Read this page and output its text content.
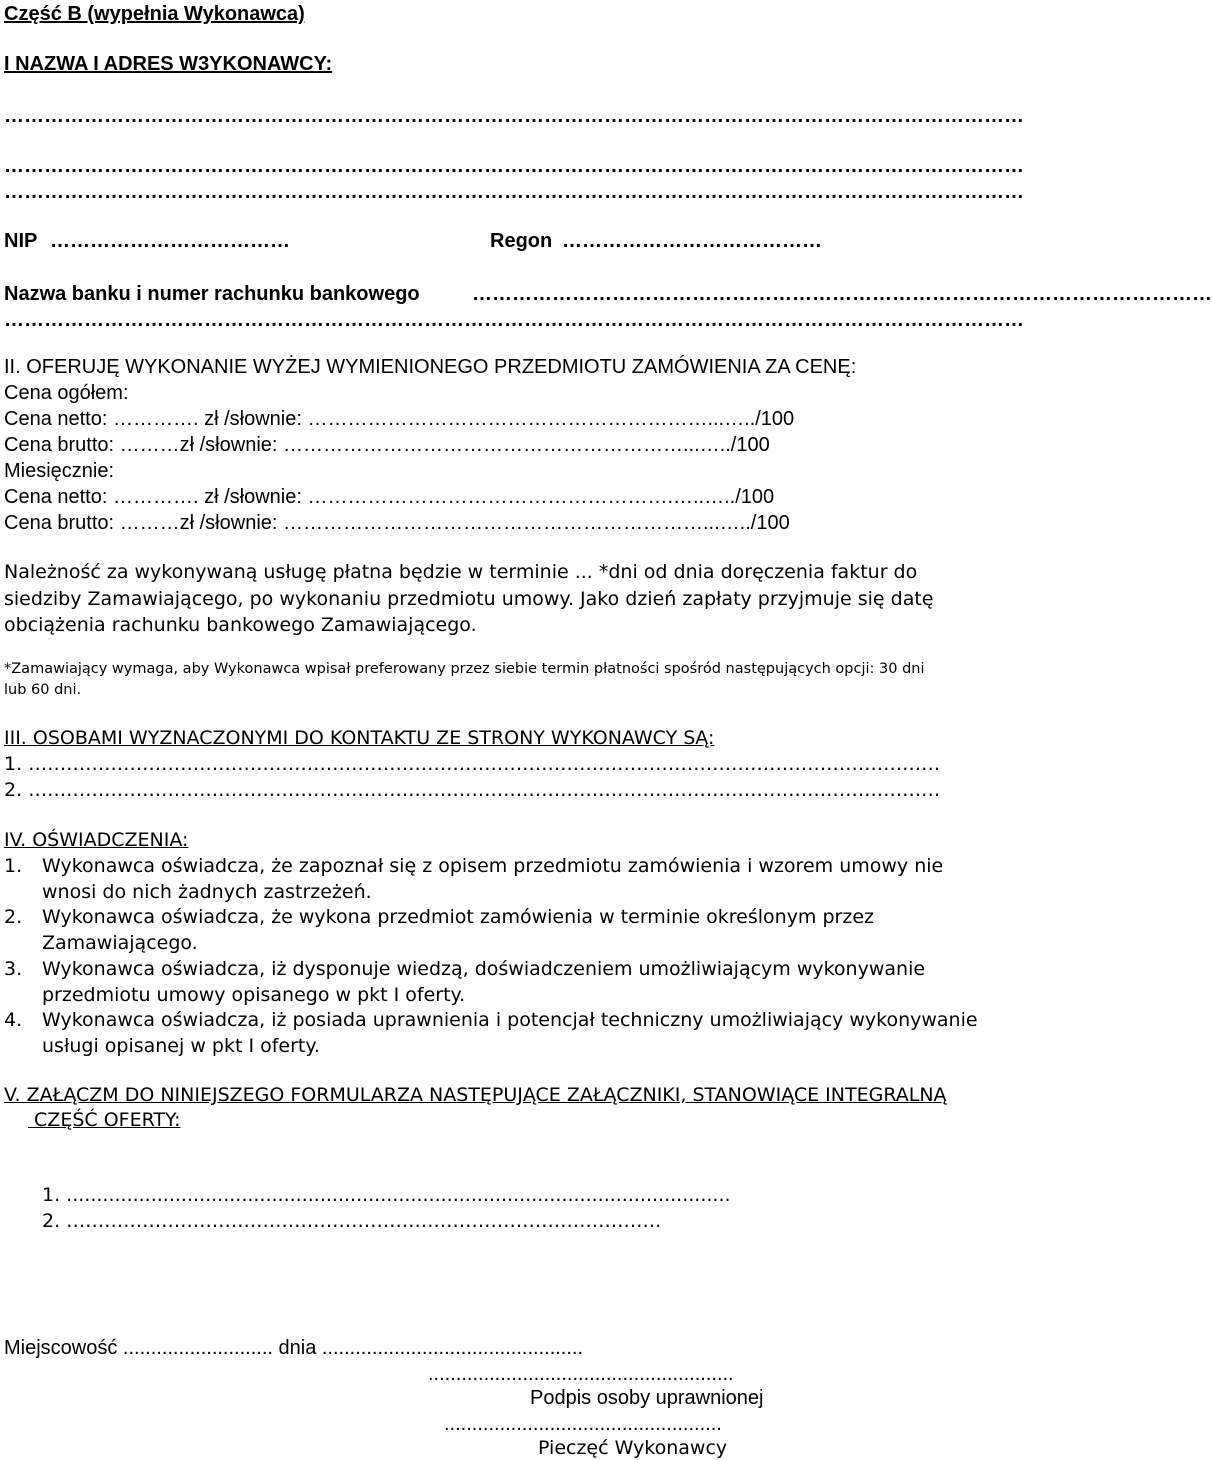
Część B (wypełnia Wykonawca)
I NAZWA I ADRES W3YKONAWCY:
………………………………………………………………………………………………………………………………………
………………………………………………………………………………………………………………………………………
………………………………………………………………………………………………………………………………………
NIP ………………………………	Regon …………………………………
Nazwa banku i numer rachunku bankowego	…………………………………………………………………………………………………
………………………………………………………………………………………………………………………………………
II. OFERUJĘ WYKONANIE WYŻEJ WYMIENIONEGO PRZEDMIOTU ZAMÓWIENIA ZA CENĘ:
Cena ogółem:
Cena netto: …………. zł /słownie: ……………………………………………………...…../100
Cena brutto: ………zł /słownie: ……………………………………………………...…../100
Miesięcznie:
Cena netto: …………. zł /słownie: ……………………………………………….…..…../100
Cena brutto: ………zł /słownie: ………………………………………………………...…../100
Należność za wykonywaną usługę płatna będzie w terminie ... *dni od dnia doręczenia faktur do
siedziby Zamawiającego, po wykonaniu przedmiotu umowy. Jako dzień zapłaty przyjmuje się datę
obciążenia rachunku bankowego Zamawiającego.
*Zamawiający wymaga, aby Wykonawca wpisał preferowany przez siebie termin płatności spośród następujących opcji: 30 dni
lub 60 dni.
III. OSOBAMI WYZNACZONYMI DO KONTAKTU ZE STRONY WYKONAWCY SĄ:
1. ………………………………………………………………………………………………………………………………
2. ………………………………………………………………………………………………………………………………
IV. OŚWIADCZENIA:
1. Wykonawca oświadcza, że zapoznał się z opisem przedmiotu zamówienia i wzorem umowy nie
wnosi do nich żadnych zastrzeżeń.
2. Wykonawca oświadcza, że wykona przedmiot zamówienia w terminie określonym przez
Zamawiającego.
3. Wykonawca oświadcza, iż dysponuje wiedzą, doświadczeniem umożliwiającym wykonywanie
przedmiotu umowy opisanego w pkt I oferty.
4. Wykonawca oświadcza, iż posiada uprawnienia i potencjał techniczny umożliwiający wykonywanie
usługi opisanej w pkt I oferty.
V. ZAŁĄCZM DO NINIEJSZEGO FORMULARZA NASTĘPUJĄCE ZAŁĄCZNIKI, STANOWIĄCE INTEGRALNĄ
CZĘŚĆ OFERTY:
1. ..............................................................................................................
2. ………………………………………………………………………………….
Miejscowość ........................... dnia ...............................................
.......................................................
Podpis osoby uprawnionej
..................................................
Pieczęć Wykonawcy
